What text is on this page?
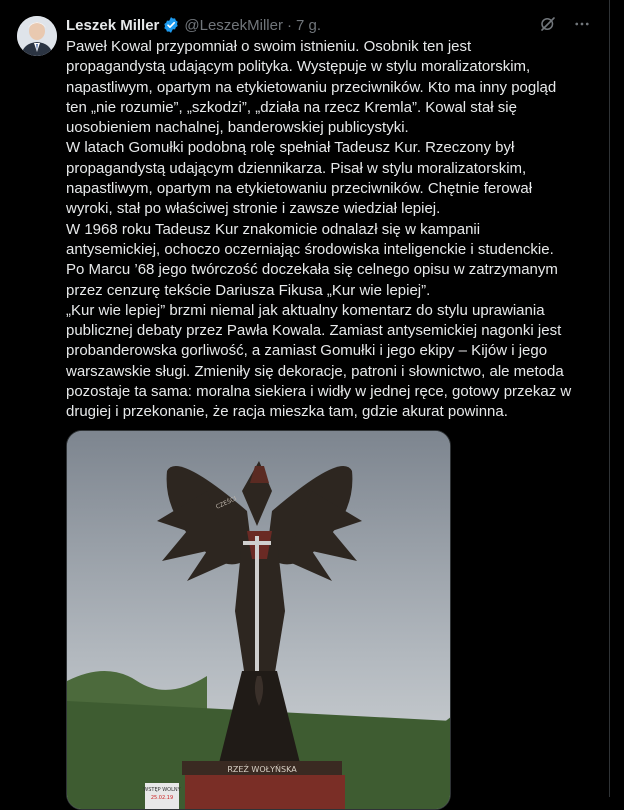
Leszek Miller @LeszekMiller · 7 g.

Paweł Kowal przypomniał o swoim istnieniu. Osobnik ten jest

propagandystą udającym polityka. Występuje w stylu moralizatorskim,

napastliwym, opartym na etykietowaniu przeciwników. Kto ma inny pogląd

ten „nie rozumie”, „szkodzi”, „działa na rzecz Kremla”. Kowal stał się

uosobieniem nachalnej, banderowskiej publicystyki.

W latach Gomułki podobną rolę spełniał Tadeusz Kur. Rzeczony był

propagandystą udającym dziennikarza. Pisał w stylu moralizatorskim,

napastliwym, opartym na etykietowaniu przeciwników. Chętnie ferował

wyroki, stał po właściwej stronie i zawsze wiedział lepiej.

W 1968 roku Tadeusz Kur znakomicie odnalazł się w kampanii

antysemickiej, ochoczo oczerniając środowiska inteligenckie i studenckie.

Po Marcu ’68 jego twórczość doczekała się celnego opisu w zatrzymanym

przez cenzurę tekście Dariusza Fikusa „Kur wie lepiej”.

„Kur wie lepiej” brzmi niemal jak aktualny komentarz do stylu uprawiania

publicznej debaty przez Pawła Kowala. Zamiast antysemickiej nagonki jest

probanderowska gorliwość, a zamiast Gomułki i jego ekipy – Kijów i jego

warszawskie sługi. Zmieniły się dekoracje, patroni i słownictwo, ale metoda

pozostaje ta sama: moralna siekiera i widły w jednej ręce, gotowy przekaz w

drugiej i przekonanie, że racja mieszka tam, gdzie akurat powinna.

RZEŹ WOŁYŃSKA
WSTĘP WOLNY
25.02.19
CZEŚCI
